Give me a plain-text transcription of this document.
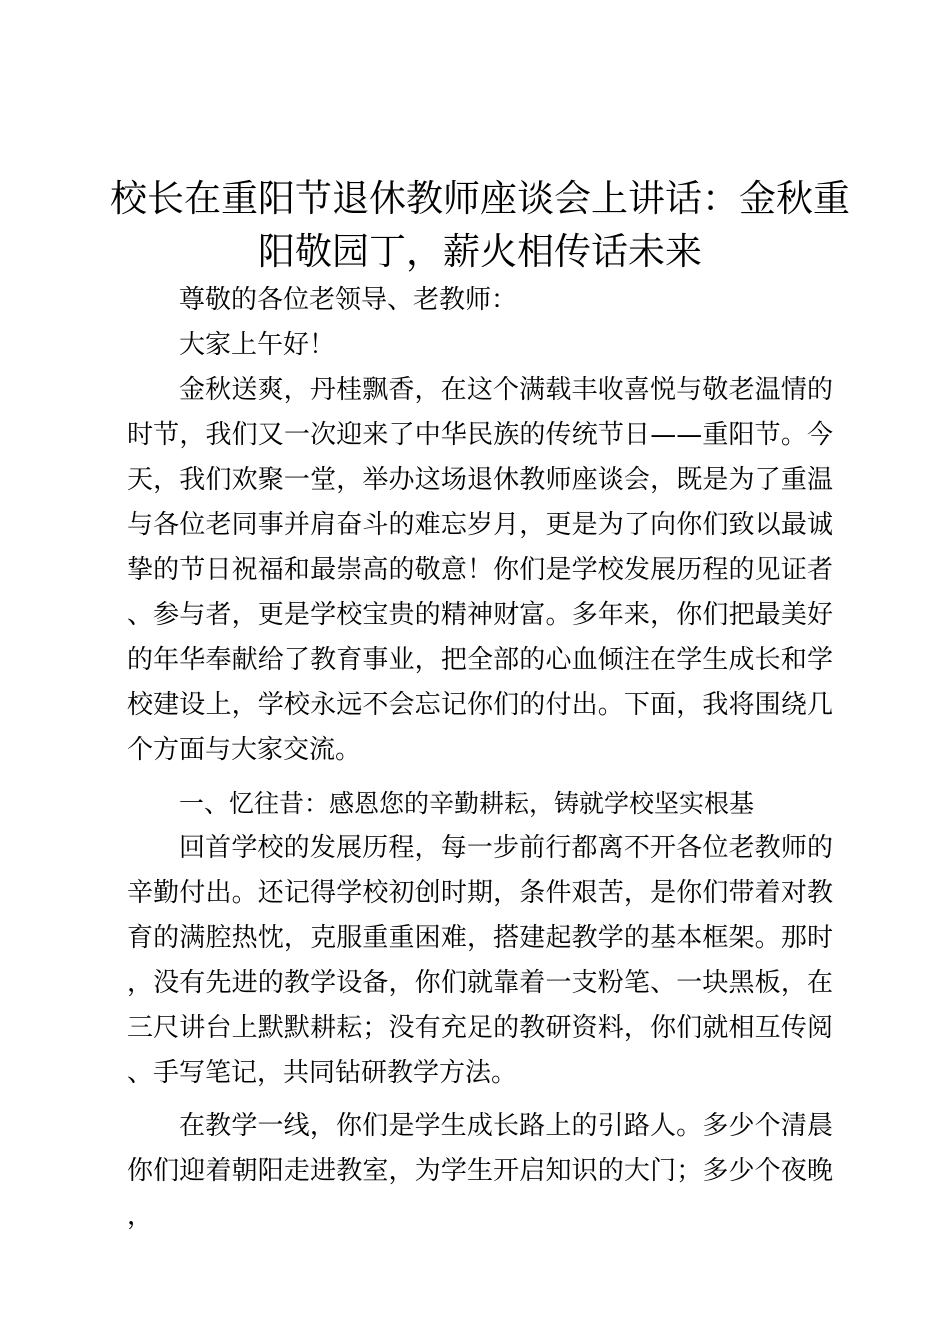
校长在重阳节退休教师座谈会上讲话：金秋重
阳敬园丁，薪火相传话未来

尊敬的各位老领导、老教师：

大家上午好！

金秋送爽，丹桂飘香，在这个满载丰收喜悦与敬老温情的时节，我们又一次迎来了中华民族的传统节日——重阳节。今天，我们欢聚一堂，举办这场退休教师座谈会，既是为了重温与各位老同事并肩奋斗的难忘岁月，更是为了向你们致以最诚挚的节日祝福和最崇高的敬意！你们是学校发展历程的见证者、参与者，更是学校宝贵的精神财富。多年来，你们把最美好的年华奉献给了教育事业，把全部的心血倾注在学生成长和学校建设上，学校永远不会忘记你们的付出。下面，我将围绕几个方面与大家交流。

一、忆往昔：感恩您的辛勤耕耘，铸就学校坚实根基

回首学校的发展历程，每一步前行都离不开各位老教师的辛勤付出。还记得学校初创时期，条件艰苦，是你们带着对教育的满腔热忱，克服重重困难，搭建起教学的基本框架。那时，没有先进的教学设备，你们就靠着一支粉笔、一块黑板，在三尺讲台上默默耕耘；没有充足的教研资料，你们就相互传阅、手写笔记，共同钻研教学方法。

在教学一线，你们是学生成长路上的引路人。多少个清晨你们迎着朝阳走进教室，为学生开启知识的大门；多少个夜晚，
